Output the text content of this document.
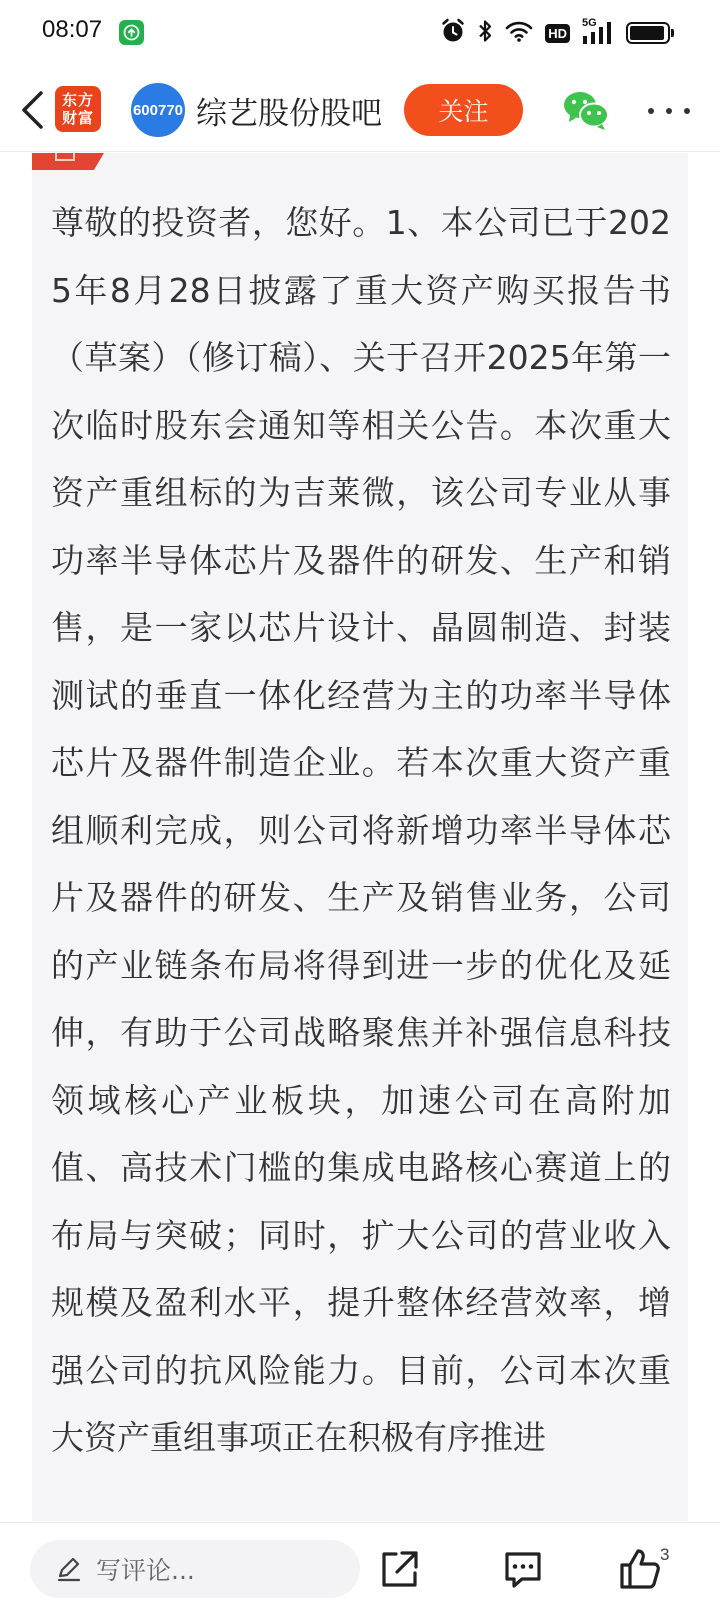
08:07	HD
5G
东方
财富	600770 综艺股份股吧	关注
尊敬的投资者，您好。1、本公司已于2025年8月28日披露了重大资产购买报告书（草案）（修订稿）、关于召开2025年第一次临时股东会通知等相关公告。本次重大资产重组标的为吉莱微，该公司专业从事功率半导体芯片及器件的研发、生产和销售，是一家以芯片设计、晶圆制造、封装测试的垂直一体化经营为主的功率半导体芯片及器件制造企业。若本次重大资产重组顺利完成，则公司将新增功率半导体芯片及器件的研发、生产及销售业务，公司的产业链条布局将得到进一步的优化及延伸，有助于公司战略聚焦并补强信息科技领域核心产业板块，加速公司在高附加值、高技术门槛的集成电路核心赛道上的布局与突破；同时，扩大公司的营业收入规模及盈利水平，提升整体经营效率，增强公司的抗风险能力。目前，公司本次重大资产重组事项正在积极有序推进
写评论...
3
